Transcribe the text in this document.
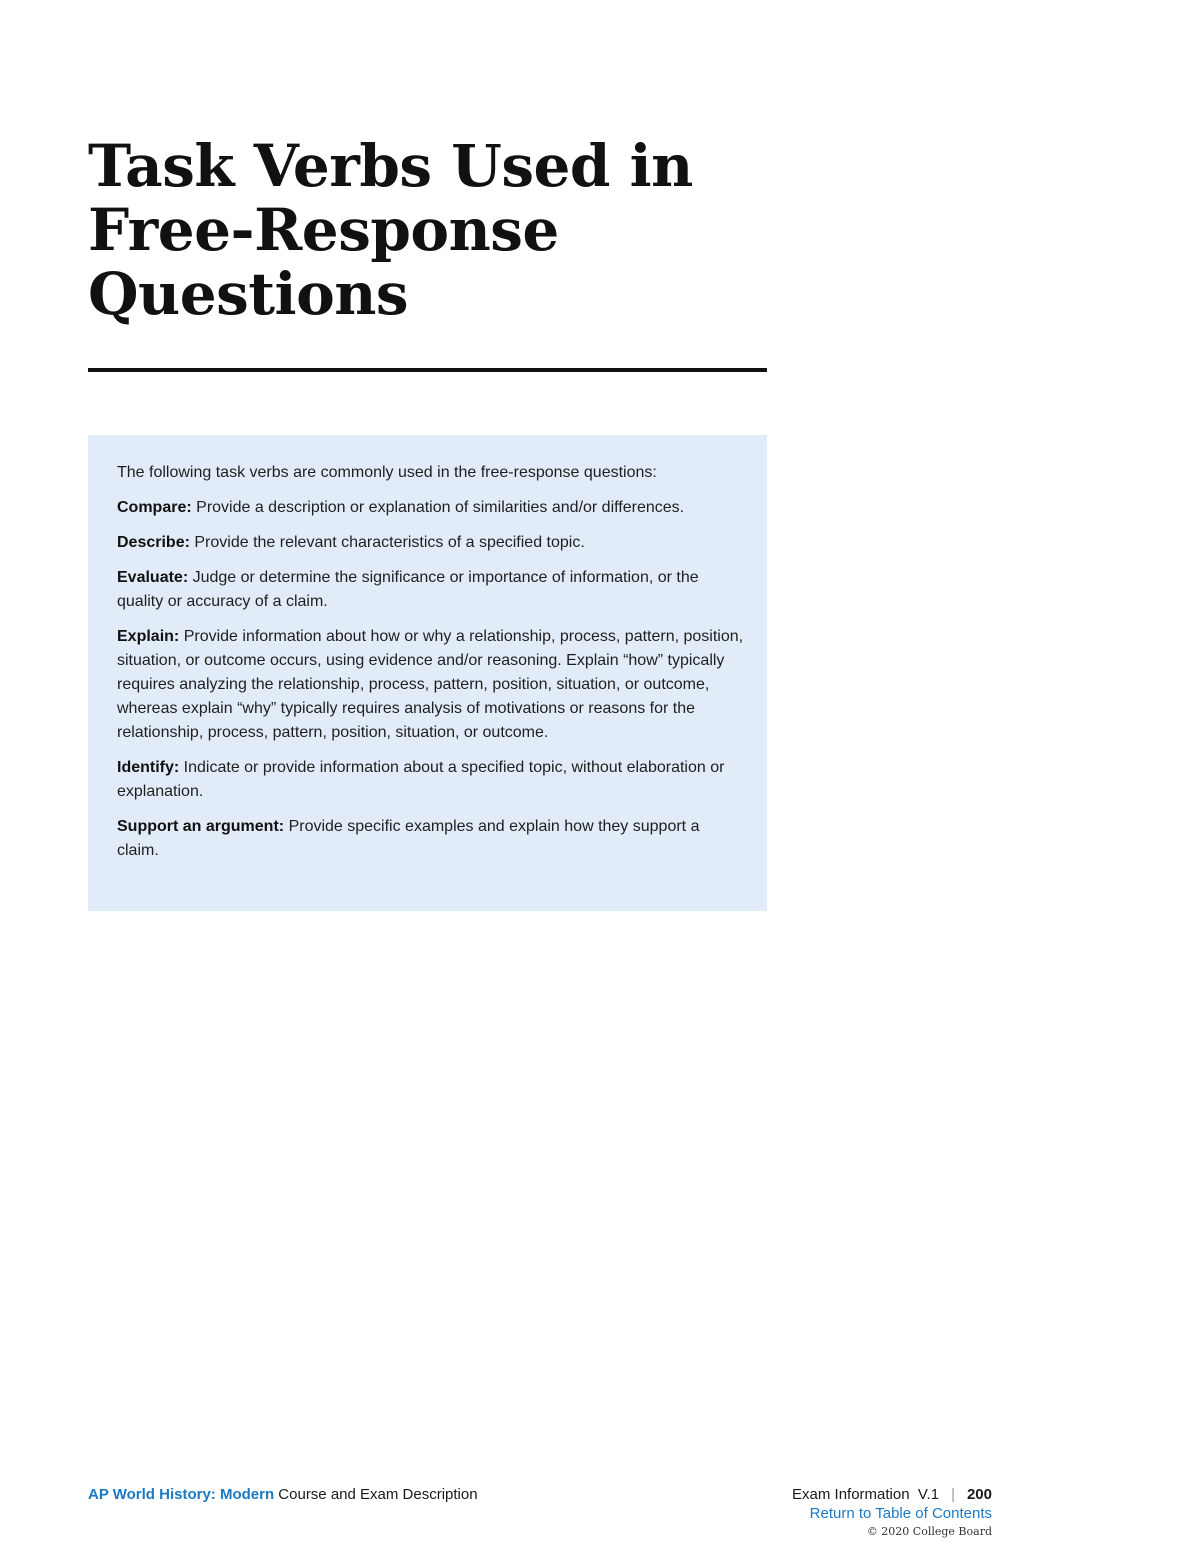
Task Verbs Used in
Free-Response
Questions

The following task verbs are commonly used in the free-response questions:

Compare: Provide a description or explanation of similarities and/or differences.

Describe: Provide the relevant characteristics of a specified topic.

Evaluate: Judge or determine the significance or importance of information, or the quality or accuracy of a claim.

Explain: Provide information about how or why a relationship, process, pattern, position, situation, or outcome occurs, using evidence and/or reasoning. Explain “how” typically requires analyzing the relationship, process, pattern, position, situation, or outcome, whereas explain “why” typically requires analysis of motivations or reasons for the relationship, process, pattern, position, situation, or outcome.

Identify: Indicate or provide information about a specified topic, without elaboration or explanation.

Support an argument: Provide specific examples and explain how they support a claim.

AP World History: Modern Course and Exam Description	Exam Information  V.1 | 200
Return to Table of Contents
© 2020 College Board
